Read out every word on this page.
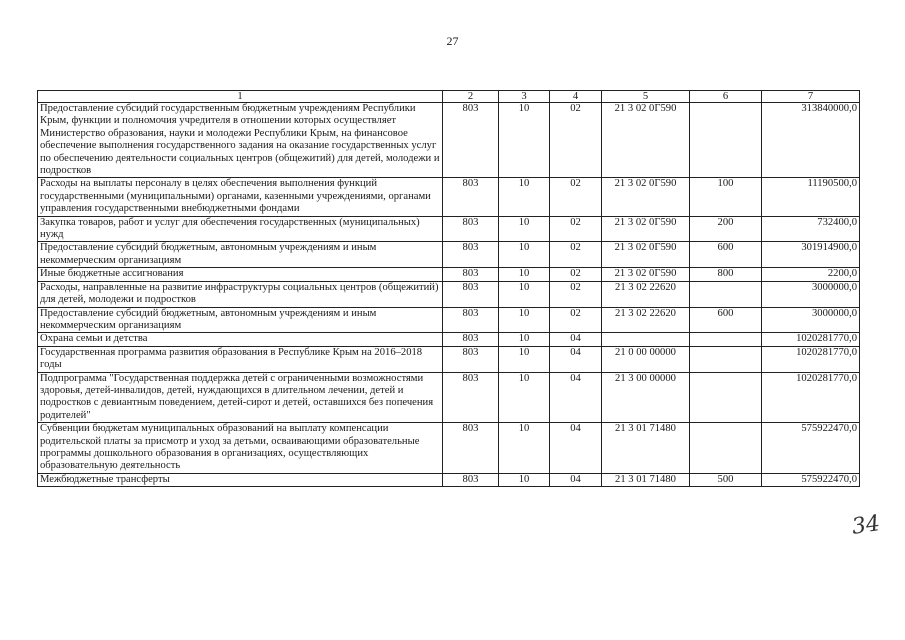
27
1	2	3	4	5	6	7
Предоставление субсидий государственным бюджетным учреждениям Республики Крым, функции и полномочия учредителя в отношении которых осуществляет Министерство образования, науки и молодежи Республики Крым, на финансовое обеспечение выполнения государственного задания на оказание государственных услуг по обеспечению деятельности социальных центров (общежитий) для детей, молодежи и подростков	803	10	02	21 3 02 0Г590		313840000,0
Расходы на выплаты персоналу в целях обеспечения выполнения функций государственными (муниципальными) органами, казенными учреждениями, органами управления государственными внебюджетными фондами	803	10	02	21 3 02 0Г590	100	11190500,0
Закупка товаров, работ и услуг для обеспечения государственных (муниципальных) нужд	803	10	02	21 3 02 0Г590	200	732400,0
Предоставление субсидий бюджетным, автономным учреждениям и иным некоммерческим организациям	803	10	02	21 3 02 0Г590	600	301914900,0
Иные бюджетные ассигнования	803	10	02	21 3 02 0Г590	800	2200,0
Расходы, направленные на развитие инфраструктуры социальных центров (общежитий) для детей, молодежи и подростков	803	10	02	21 3 02 22620		3000000,0
Предоставление субсидий бюджетным, автономным учреждениям и иным некоммерческим организациям	803	10	02	21 3 02 22620	600	3000000,0
Охрана семьи и детства	803	10	04			1020281770,0
Государственная программа развития образования в Республике Крым на 2016–2018 годы	803	10	04	21 0 00 00000		1020281770,0
Подпрограмма "Государственная поддержка детей с ограниченными возможностями здоровья, детей-инвалидов, детей, нуждающихся в длительном лечении, детей и подростков с девиантным поведением, детей-сирот и детей, оставшихся без попечения родителей"	803	10	04	21 3 00 00000		1020281770,0
Субвенции бюджетам муниципальных образований на выплату компенсации родительской платы за присмотр и уход за детьми, осваивающими образовательные программы дошкольного образования в организациях, осуществляющих образовательную деятельность	803	10	04	21 3 01 71480		575922470,0
Межбюджетные трансферты	803	10	04	21 3 01 71480	500	575922470,0
34
